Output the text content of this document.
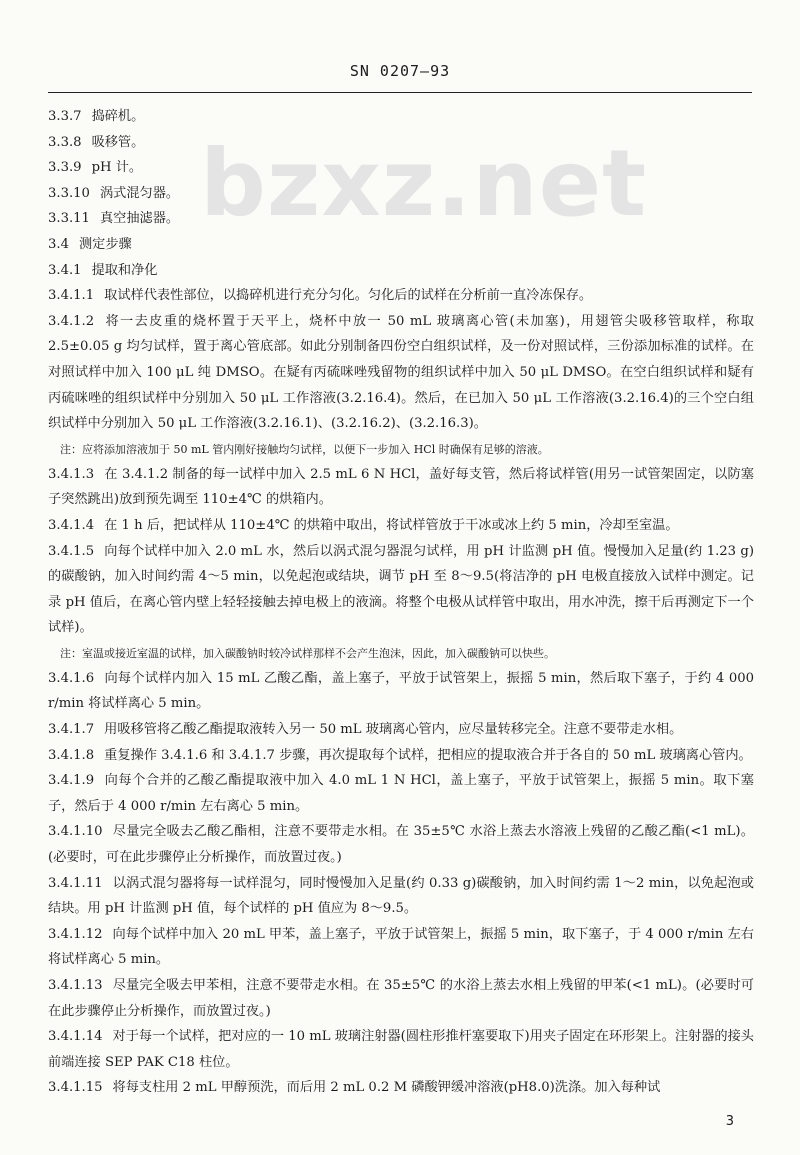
SN 0207—93
bzxz.net
3.3.7 捣碎机。
3.3.8 吸移管。
3.3.9 pH 计。
3.3.10 涡式混匀器。
3.3.11 真空抽滤器。
3.4 测定步骤
3.4.1 提取和净化
3.4.1.1 取试样代表性部位，以捣碎机进行充分匀化。匀化后的试样在分析前一直冷冻保存。
3.4.1.2 将一去皮重的烧杯置于天平上，烧杯中放一 50 mL 玻璃离心管(未加塞)，用翅管尖吸移管取样，称取 2.5±0.05 g 均匀试样，置于离心管底部。如此分别制备四份空白组织试样，及一份对照试样，三份添加标准的试样。在对照试样中加入 100 μL 纯 DMSO。在疑有丙硫咪唑残留物的组织试样中加入 50 μL DMSO。在空白组织试样和疑有丙硫咪唑的组织试样中分别加入 50 μL 工作溶液(3.2.16.4)。然后，在已加入 50 μL 工作溶液(3.2.16.4)的三个空白组织试样中分别加入 50 μL 工作溶液(3.2.16.1)、(3.2.16.2)、(3.2.16.3)。
注：应将添加溶液加于 50 mL 管内刚好接触均匀试样，以便下一步加入 HCl 时确保有足够的溶液。
3.4.1.3 在 3.4.1.2 制备的每一试样中加入 2.5 mL 6 N HCl，盖好每支管，然后将试样管(用另一试管架固定，以防塞子突然跳出)放到预先调至 110±4℃ 的烘箱内。
3.4.1.4 在 1 h 后，把试样从 110±4℃ 的烘箱中取出，将试样管放于干冰或冰上约 5 min，冷却至室温。
3.4.1.5 向每个试样中加入 2.0 mL 水，然后以涡式混匀器混匀试样，用 pH 计监测 pH 值。慢慢加入足量(约 1.23 g)的碳酸钠，加入时间约需 4～5 min，以免起泡或结块，调节 pH 至 8～9.5(将洁净的 pH 电极直接放入试样中测定。记录 pH 值后，在离心管内壁上轻轻接触去掉电极上的液滴。将整个电极从试样管中取出，用水冲洗，擦干后再测定下一个试样)。
注：室温或接近室温的试样，加入碳酸钠时较冷试样那样不会产生泡沫，因此，加入碳酸钠可以快些。
3.4.1.6 向每个试样内加入 15 mL 乙酸乙酯，盖上塞子，平放于试管架上，振摇 5 min，然后取下塞子，于约 4 000 r/min 将试样离心 5 min。
3.4.1.7 用吸移管将乙酸乙酯提取液转入另一 50 mL 玻璃离心管内，应尽量转移完全。注意不要带走水相。
3.4.1.8 重复操作 3.4.1.6 和 3.4.1.7 步骤，再次提取每个试样，把相应的提取液合并于各自的 50 mL 玻璃离心管内。
3.4.1.9 向每个合并的乙酸乙酯提取液中加入 4.0 mL 1 N HCl，盖上塞子，平放于试管架上，振摇 5 min。取下塞子，然后于 4 000 r/min 左右离心 5 min。
3.4.1.10 尽量完全吸去乙酸乙酯相，注意不要带走水相。在 35±5℃ 水浴上蒸去水溶液上残留的乙酸乙酯(<1 mL)。(必要时，可在此步骤停止分析操作，而放置过夜。)
3.4.1.11 以涡式混匀器将每一试样混匀，同时慢慢加入足量(约 0.33 g)碳酸钠，加入时间约需 1～2 min，以免起泡或结块。用 pH 计监测 pH 值，每个试样的 pH 值应为 8～9.5。
3.4.1.12 向每个试样中加入 20 mL 甲苯，盖上塞子，平放于试管架上，振摇 5 min，取下塞子，于 4 000 r/min 左右将试样离心 5 min。
3.4.1.13 尽量完全吸去甲苯相，注意不要带走水相。在 35±5℃ 的水浴上蒸去水相上残留的甲苯(<1 mL)。(必要时可在此步骤停止分析操作，而放置过夜。)
3.4.1.14 对于每一个试样，把对应的一 10 mL 玻璃注射器(圆柱形推杆塞要取下)用夹子固定在环形架上。注射器的接头前端连接 SEP PAK C18 柱位。
3.4.1.15 将每支柱用 2 mL 甲醇预洗，而后用 2 mL 0.2 M 磷酸钾缓冲溶液(pH8.0)洗涤。加入每种试
3
